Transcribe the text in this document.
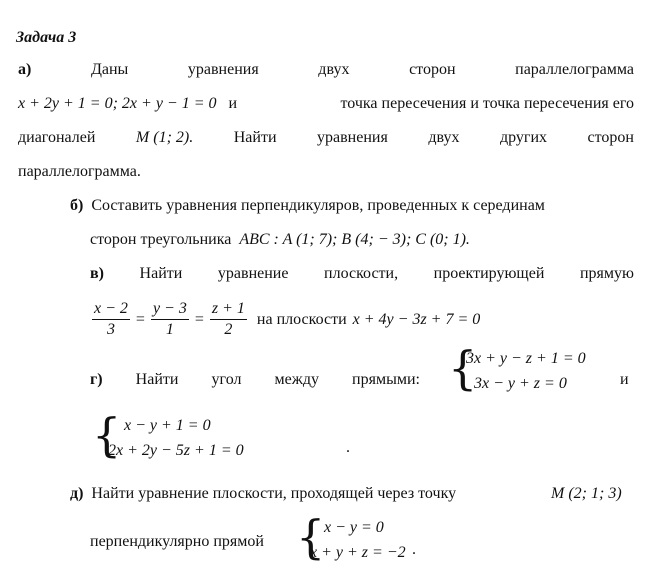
Задача 3
а)	Даны	уравнения	двух	сторон	параллелограмма
x + 2y + 1 = 0; 2x + y − 1 = 0 и	точка пересечения и точка пересечения его
диагоналей	M (1; 2).	Найти	уравнения	двух	других	сторон
параллелограмма.
б) Составить уравнения перпендикуляров, проведенных к серединам
сторон треугольника ABC : A (1; 7); B (4; − 3); C (0; 1).
в) Найти уравнение плоскости, проектирующей прямую
$\frac{x - 2}{3} = \frac{y - 3}{1} = \frac{z + 1}{2}$ на плоскости x + 4y − 3z + 7 = 0
г) Найти угол между прямыми: {
3x + y − z + 1 = 0
3x − y + z = 0	и
{ x − y + 1 = 0
2x + 2y − 5z + 1 = 0	.
д) Найти уравнение плоскости, проходящей через точку	M (2; 1; 3)
перпендикулярно прямой {
x − y = 0
x + y + z = −2 .
